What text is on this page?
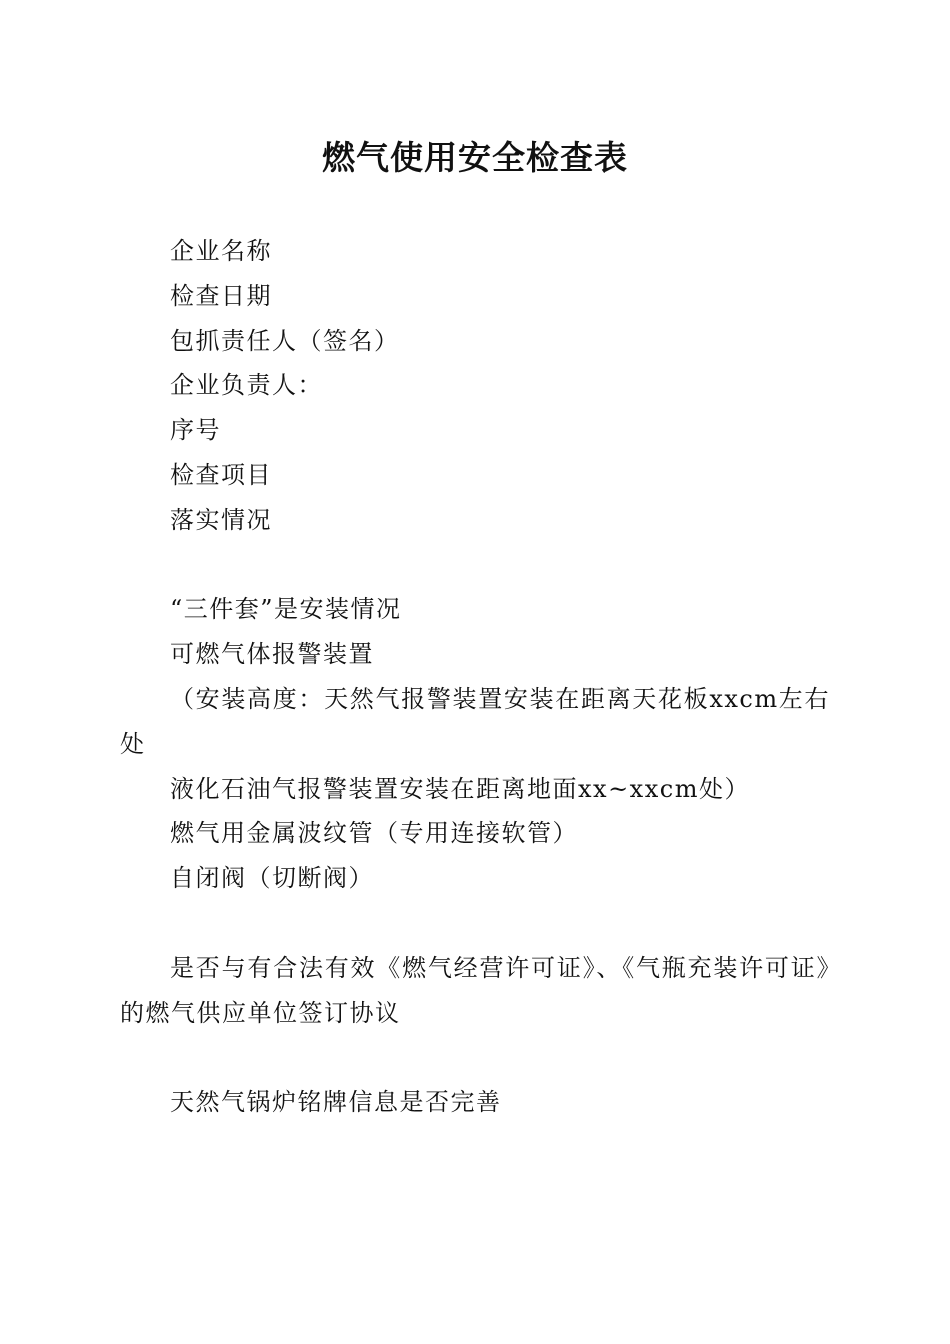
燃气使用安全检查表

企业名称

检查日期

包抓责任人（签名）

企业负责人：

序号

检查项目

落实情况

“三件套”是安装情况

可燃气体报警装置

（安装高度：天然气报警装置安装在距离天花板xxcm左右处

液化石油气报警装置安装在距离地面xx~xxcm处）

燃气用金属波纹管（专用连接软管）

自闭阀（切断阀）

是否与有合法有效《燃气经营许可证》、《气瓶充装许可证》的燃气供应单位签订协议

天然气锅炉铭牌信息是否完善
